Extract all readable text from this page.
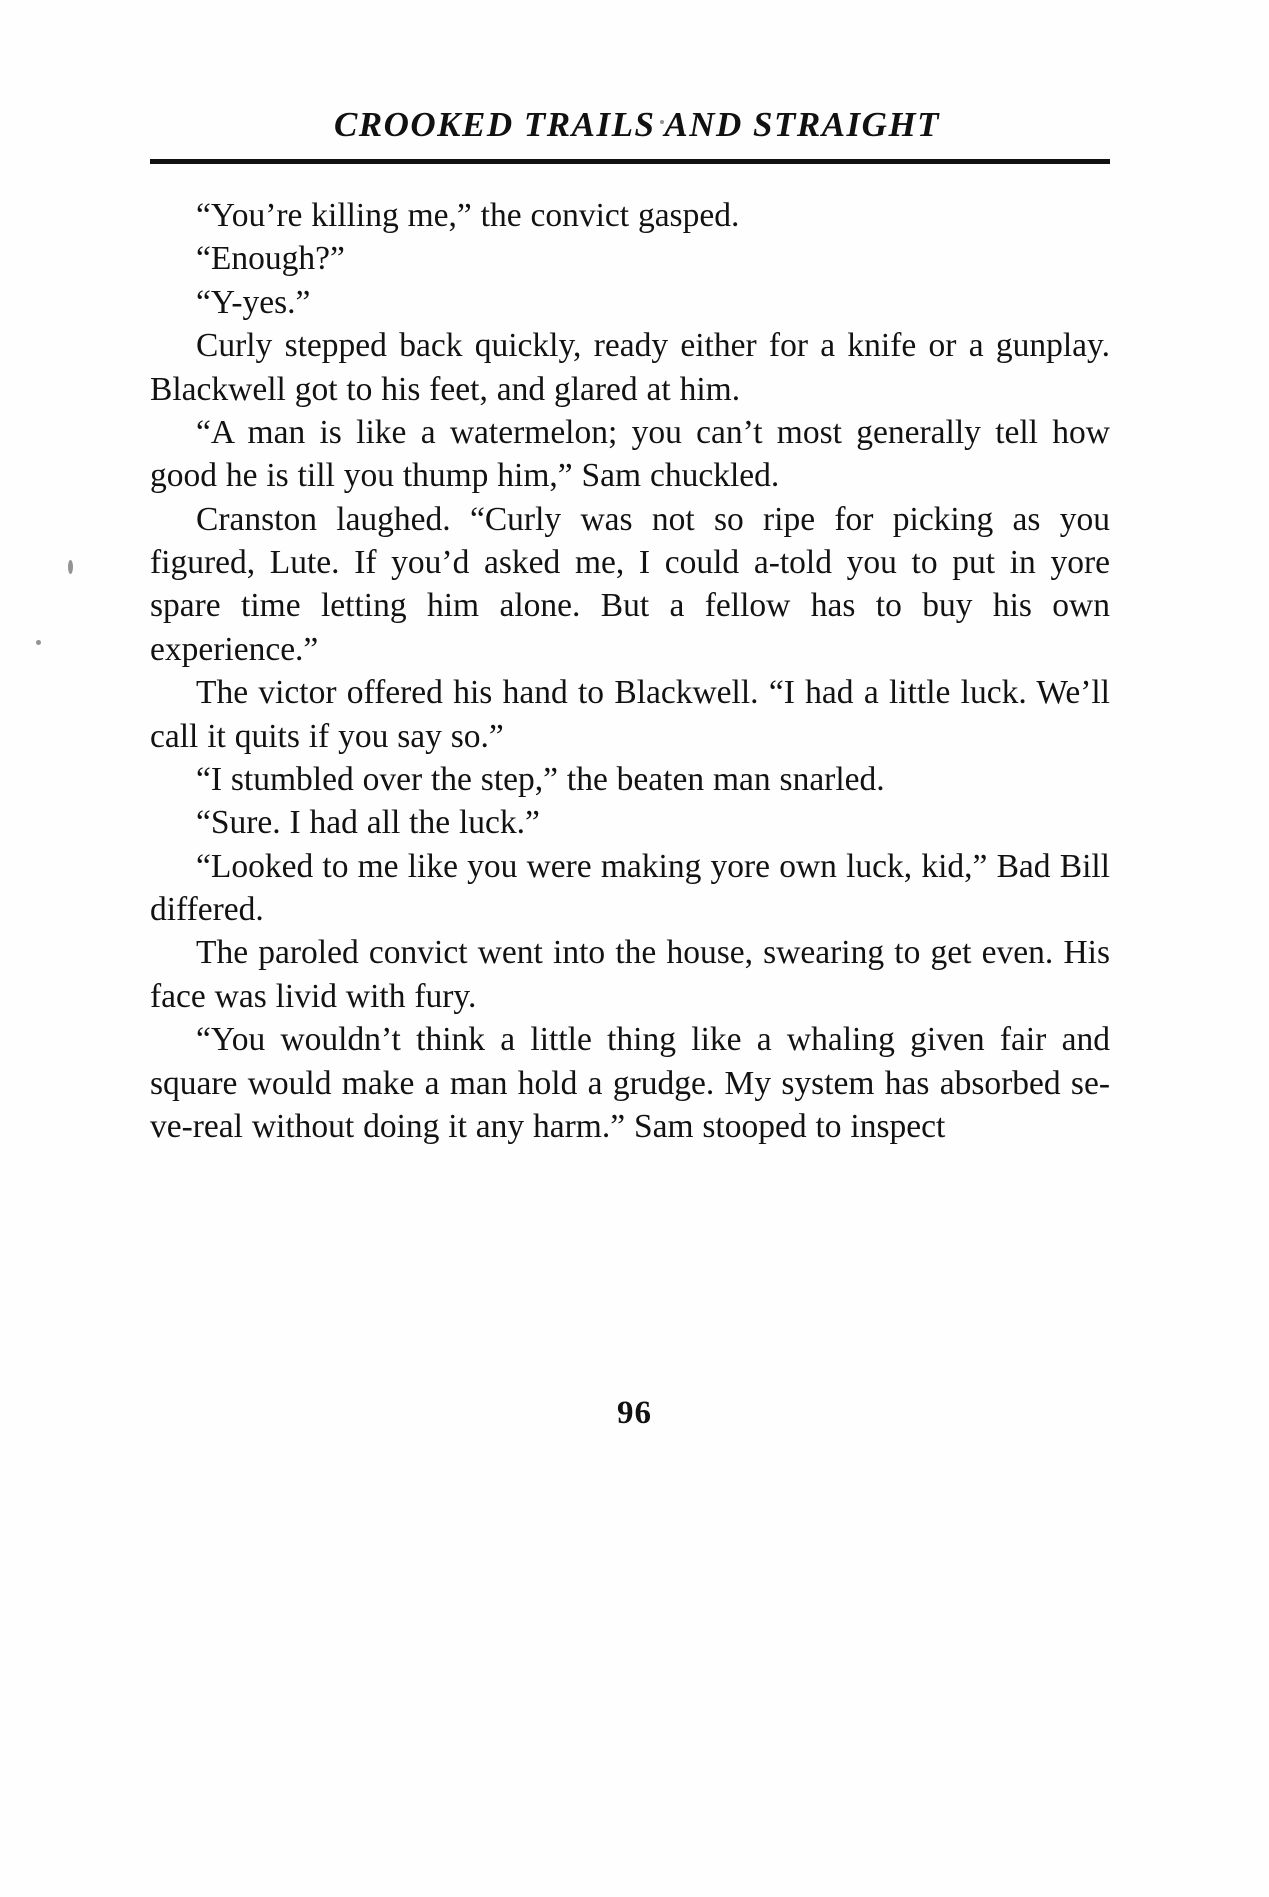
CROOKED TRAILS AND STRAIGHT

“You’re killing me,” the convict gasped.

“Enough?”

“Y-yes.”

Curly stepped back quickly, ready either for a knife or a gunplay. Blackwell got to his feet, and glared at him.

“A man is like a watermelon; you can’t most generally tell how good he is till you thump him,” Sam chuckled.

Cranston laughed. “Curly was not so ripe for picking as you figured, Lute. If you’d asked me, I could a-told you to put in yore spare time letting him alone. But a fellow has to buy his own experience.”

The victor offered his hand to Blackwell. “I had a little luck. We’ll call it quits if you say so.”

“I stumbled over the step,” the beaten man snarled.

“Sure. I had all the luck.”

“Looked to me like you were making yore own luck, kid,” Bad Bill differed.

The paroled convict went into the house, swearing to get even. His face was livid with fury.

“You wouldn’t think a little thing like a whaling given fair and square would make a man hold a grudge. My system has absorbed se-ve-real without doing it any harm.” Sam stooped to inspect

96
